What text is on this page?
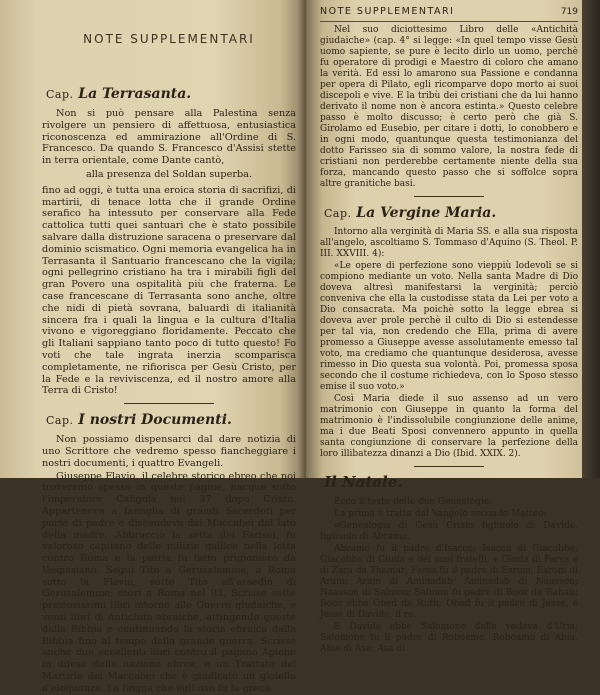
NOTE SUPPLEMENTARI
Cap. La Terrasanta.

Non si può pensare alla Palestina senza rivolgere un pensiero di affettuosa, entusiastica riconoscenza ed ammirazione all'Ordine di S. Francesco. Da quando S. Francesco d'Assisi stette in terra orientale, come Dante cantò,

alla presenza del Soldan superba.

fino ad oggi, è tutta una eroica storia di sacrifizi, di martirii, di tenace lotta che il grande Ordine serafico ha intessuto per conservare alla Fede cattolica tutti quei santuari che è stato possibile salvare dalla distruzione saracena o preservare dal dominio scismatico. Ogni memoria evangelica ha in Terrasanta il Santuario francescano che la vigila; ogni pellegrino cristiano ha tra i mirabili figli del gran Povero una ospitalità più che fraterna. Le case francescane di Terrasanta sono anche, oltre che nidi di pietà sovrana, baluardi di italianità sincera fra i quali la lingua e la cultura d'Italia vivono e vigoreggiano floridamente. Peccato che gli Italiani sappiano tanto poco di tutto questo! Fo voti che tale ingrata inerzia scomparisca completamente, ne rifiorisca per Gesù Cristo, per la Fede e la reviviscenza, ed il nostro amore alla Terra di Cristo!

Cap. I nostri Documenti.

Non possiamo dispensarci dal dare notizia di uno Scrittore che vedremo spesso fiancheggiare i nostri documenti, i quattro Evangeli.

Giuseppe Flavio, il celebre storico ebreo che noi troveremo spesso in queste pagine, nacque sotto l'imperatore Caligola nel 37 dopo Cristo. Apparteneva a famiglia di grandi Sacerdoti per parte di padre e discendeva dai Maccabei dal lato della madre. Abbracciò la setta dei Farisei, fu valoroso capitano delle milizie galilee nella lotta contro Roma e la patria fu fatto prigioniero da Vespasiano. Seguì Tito a Gerusalemme, a Roma sotto la Flavia, sotto Tito all'assedio di Gerusalemme; morì a Roma nel 93. Scrisse sette preziosissimi libri intorno alle Guerre giudaiche, e venti libri di Antichità ebraiche, attingendo queste dalla Bibbia e continuando la storia ebraica dalla Bibbia fino al tempo della grande guerra. Scrisse anche due eccellenti libri contro il pagano Apione in difesa della nazione ebrea, e un Trattato del Martirio dei Maccabei che è giudicato un gioiello d'eloquenza. La lingua che egli usò fu la greca.

NOTE SUPPLEMENTARI	719

Nel suo diciottesimo Libro delle «Antichità giudaiche» (cap. 4° si legge: «In quel tempo visse Gesù uomo sapiente, se pure è lecito dirlo un uomo, perchè fu operatore di prodigi e Maestro di coloro che amano la verità. Ed essi lo amarono sua Passione e condanna per opera di Pilato, egli ricomparve dopo morto ai suoi discepoli e vive. E la tribù dei cristiani che da lui hanno derivato il nome non è ancora estinta.» Questo celebre passo è molto discusso; è certo però che già S. Girolamo ed Eusebio, per citare i dotti, lo conobbero e in ogni modo, quantunque questa testimonianza del dotto Farisseo sia di sommo valore, la nostra fede di cristiani non perderebbe certamente niente della sua forza, mancando questo passo che si soffolce sopra altre granitiche basi.

Cap. La Vergine Maria.

Intorno alla verginità di Maria SS. e alla sua risposta all'angelo, ascoltiamo S. Tommaso d'Aquino (S. Theol. P. III. XXVIII. 4):

«Le opere di perfezione sono vieppiù lodevoli se si compiono mediante un voto. Nella santa Madre di Dio doveva altresì manifestarsi la verginità; perciò conveniva che ella la custodisse stata da Lei per voto a Dio consacrata. Ma poichè sotto la legge ebrea si doveva aver prole perchè il culto di Dio si estendesse per tal via, non credendo che Ella, prima di avere promesso a Giuseppe avesse assolutamente emesso tal voto, ma crediamo che quantunque desiderosa, avesse rimesso in Dio questa sua volontà. Poi, promessa sposa secondo che il costume richiedeva, con lo Sposo stesso emise il suo voto.»

Così Maria diede il suo assenso ad un vero matrimonio con Giuseppe in quanto la forma del matrimonio è l'indissolubile congiunzione delle anime, ma i due Beati Sposi convennero appunto in quella santa congiunzione di conservare la perfezione della loro illibatezza dinanzi a Dio (Ibid. XXIX. 2).

Il Natale.

Ecco il testo delle due Genealogie.

La prima è tratta dal Vangelo secondo Matteo:

«Genealogia di Gesù Cristo figliuolo di Davide, figliuolo di Abramo.

Abramo fu il padre d'Isacco; Isacco di Giacobbe; Giacobbe di Giuda e dei suoi fratelli; e Giuda di Fares e di Zara da Thamar; Fares fu il padre di Esrom; Esrom di Aram; Aram di Aminadab; Aminadab di Naasson; Naasson di Salmon; Salmon fu padre di Booz da Rahab; Booz ebbe Obed da Ruth; Obed fu il padre di Jesse, e Jesse di Davide, il re.

E Davide ebbe Salomone dalla vedova d'Uria; Salomone fu il padre di Roboamo, Roboamo di Abia, Abia di Asa; Asa di
